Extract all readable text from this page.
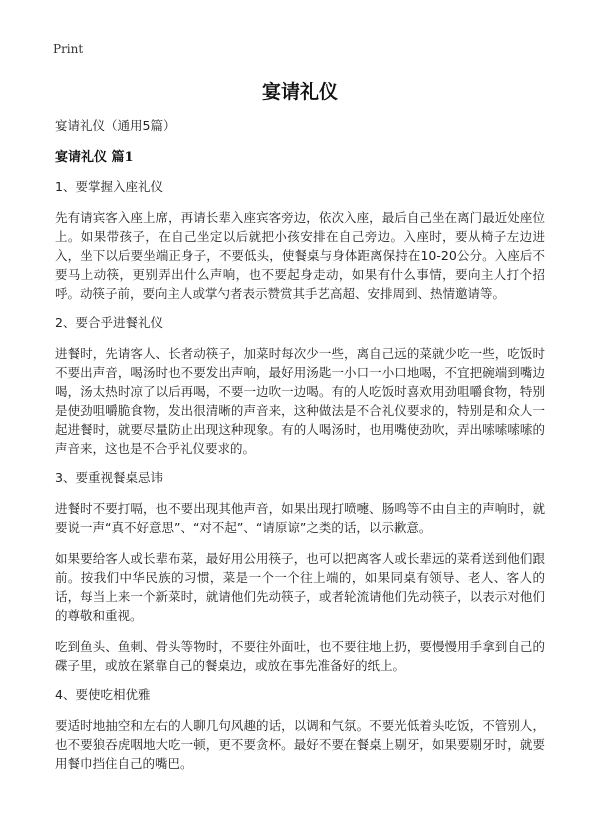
Print
宴请礼仪
宴请礼仪（通用5篇）
宴请礼仪 篇1
1、要掌握入座礼仪
先有请宾客入座上席，再请长辈入座宾客旁边，依次入座，最后自己坐在离门最近处座位上。如果带孩子，在自己坐定以后就把小孩安排在自己旁边。入座时，要从椅子左边进入，坐下以后要坐端正身子，不要低头，使餐桌与身体距离保持在10-20公分。入座后不要马上动筷，更别弄出什么声响，也不要起身走动，如果有什么事情，要向主人打个招呼。动筷子前，要向主人或掌勺者表示赞赏其手艺高超、安排周到、热情邀请等。
2、要合乎进餐礼仪
进餐时，先请客人、长者动筷子，加菜时每次少一些，离自己远的菜就少吃一些，吃饭时不要出声音，喝汤时也不要发出声响，最好用汤匙一小口一小口地喝，不宜把碗端到嘴边喝，汤太热时凉了以后再喝，不要一边吹一边喝。有的人吃饭时喜欢用劲咀嚼食物，特别是使劲咀嚼脆食物，发出很清晰的声音来，这种做法是不合礼仪要求的，特别是和众人一起进餐时，就要尽量防止出现这种现象。有的人喝汤时，也用嘴使劲吹，弄出嗦嗦嗦嗦的声音来，这也是不合乎礼仪要求的。
3、要重视餐桌忌讳
进餐时不要打嗝，也不要出现其他声音，如果出现打喷嚏、肠鸣等不由自主的声响时，就要说一声“真不好意思”、“对不起”、“请原谅”之类的话，以示歉意。
如果要给客人或长辈布菜，最好用公用筷子，也可以把离客人或长辈远的菜肴送到他们跟前。按我们中华民族的习惯，菜是一个一个往上端的，如果同桌有领导、老人、客人的话，每当上来一个新菜时，就请他们先动筷子，或者轮流请他们先动筷子，以表示对他们的尊敬和重视。
吃到鱼头、鱼刺、骨头等物时，不要往外面吐，也不要往地上扔，要慢慢用手拿到自己的碟子里，或放在紧靠自己的餐桌边，或放在事先准备好的纸上。
4、要使吃相优雅
要适时地抽空和左右的人聊几句风趣的话，以调和气氛。不要光低着头吃饭，不管别人，也不要狼吞虎咽地大吃一顿，更不要贪杯。最好不要在餐桌上剔牙，如果要剔牙时，就要用餐巾挡住自己的嘴巴。
